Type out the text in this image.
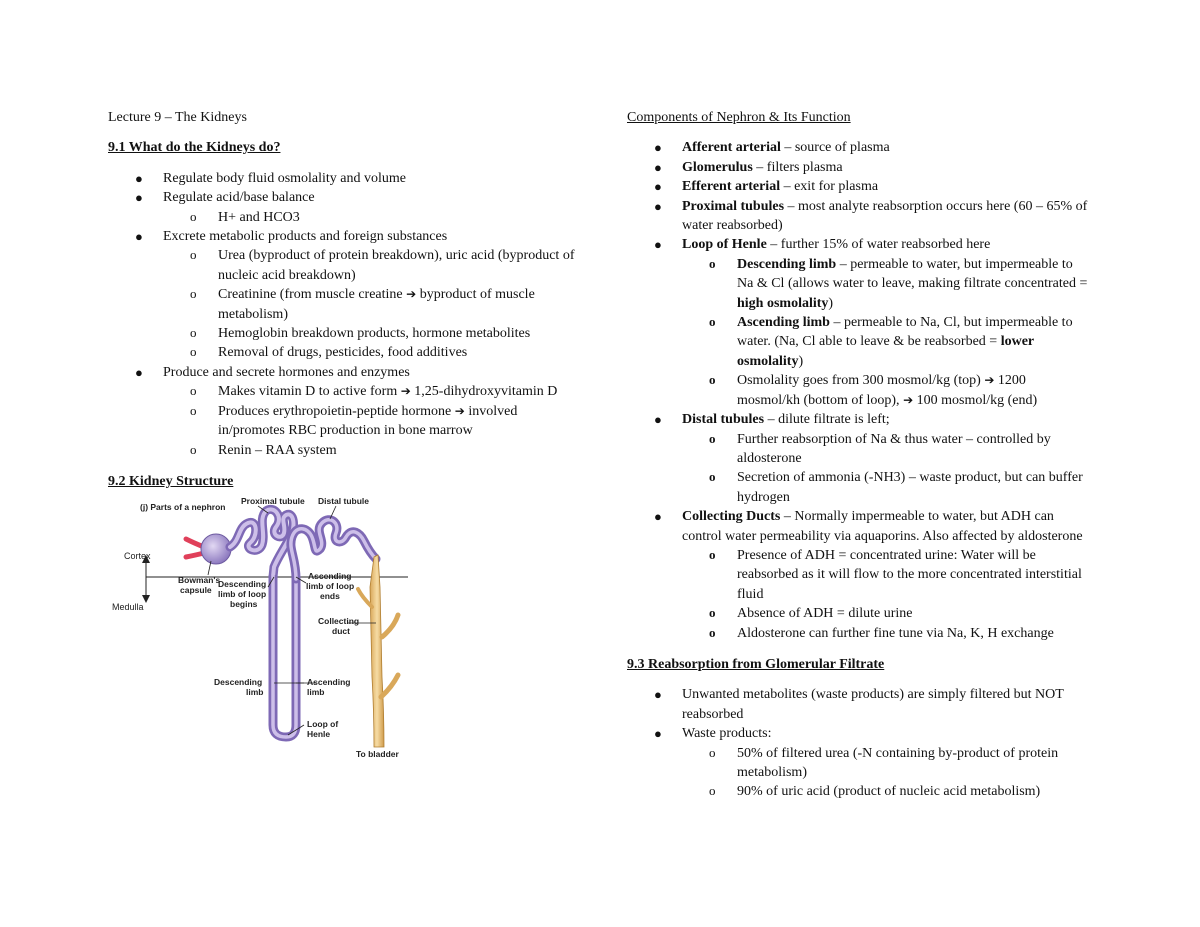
Lecture 9 – The Kidneys
9.1 What do the Kidneys do?
● Regulate body fluid osmolality and volume
● Regulate acid/base balance
o H+ and HCO3
● Excrete metabolic products and foreign substances
o Urea (byproduct of protein breakdown), uric acid (byproduct of nucleic acid breakdown)
o Creatinine (from muscle creatine ➔ byproduct of muscle metabolism)
o Hemoglobin breakdown products, hormone metabolites
o Removal of drugs, pesticides, food additives
● Produce and secrete hormones and enzymes
o Makes vitamin D to active form ➔ 1,25-dihydroxyvitamin D
o Produces erythropoietin-peptide hormone ➔ involved in/promotes RBC production in bone marrow
o Renin – RAA system
9.2 Kidney Structure
Cortex
Medulla
(j) Parts of a nephron
Proximal tubule Distal tubule
Bowman's capsule
Descending limb of loop begins
Ascending limb of loop ends
Collecting duct
Descending limb
Ascending limb
Loop of Henle
To bladder
Components of Nephron & Its Function
● Afferent arterial – source of plasma
● Glomerulus – filters plasma
● Efferent arterial – exit for plasma
● Proximal tubules – most analyte reabsorption occurs here (60 – 65% of water reabsorbed)
● Loop of Henle – further 15% of water reabsorbed here
o Descending limb – permeable to water, but impermeable to Na & Cl (allows water to leave, making filtrate concentrated = high osmolality)
o Ascending limb – permeable to Na, Cl, but impermeable to water. (Na, Cl able to leave & be reabsorbed = lower osmolality)
o Osmolality goes from 300 mosmol/kg (top) ➔ 1200 mosmol/kh (bottom of loop), ➔ 100 mosmol/kg (end)
● Distal tubules – dilute filtrate is left;
o Further reabsorption of Na & thus water – controlled by aldosterone
o Secretion of ammonia (-NH3) – waste product, but can buffer hydrogen
● Collecting Ducts – Normally impermeable to water, but ADH can control water permeability via aquaporins. Also affected by aldosterone
o Presence of ADH = concentrated urine: Water will be reabsorbed as it will flow to the more concentrated interstitial fluid
o Absence of ADH = dilute urine
o Aldosterone can further fine tune via Na, K, H exchange
9.3 Reabsorption from Glomerular Filtrate
● Unwanted metabolites (waste products) are simply filtered but NOT reabsorbed
● Waste products:
o 50% of filtered urea (-N containing by-product of protein metabolism)
o 90% of uric acid (product of nucleic acid metabolism)
